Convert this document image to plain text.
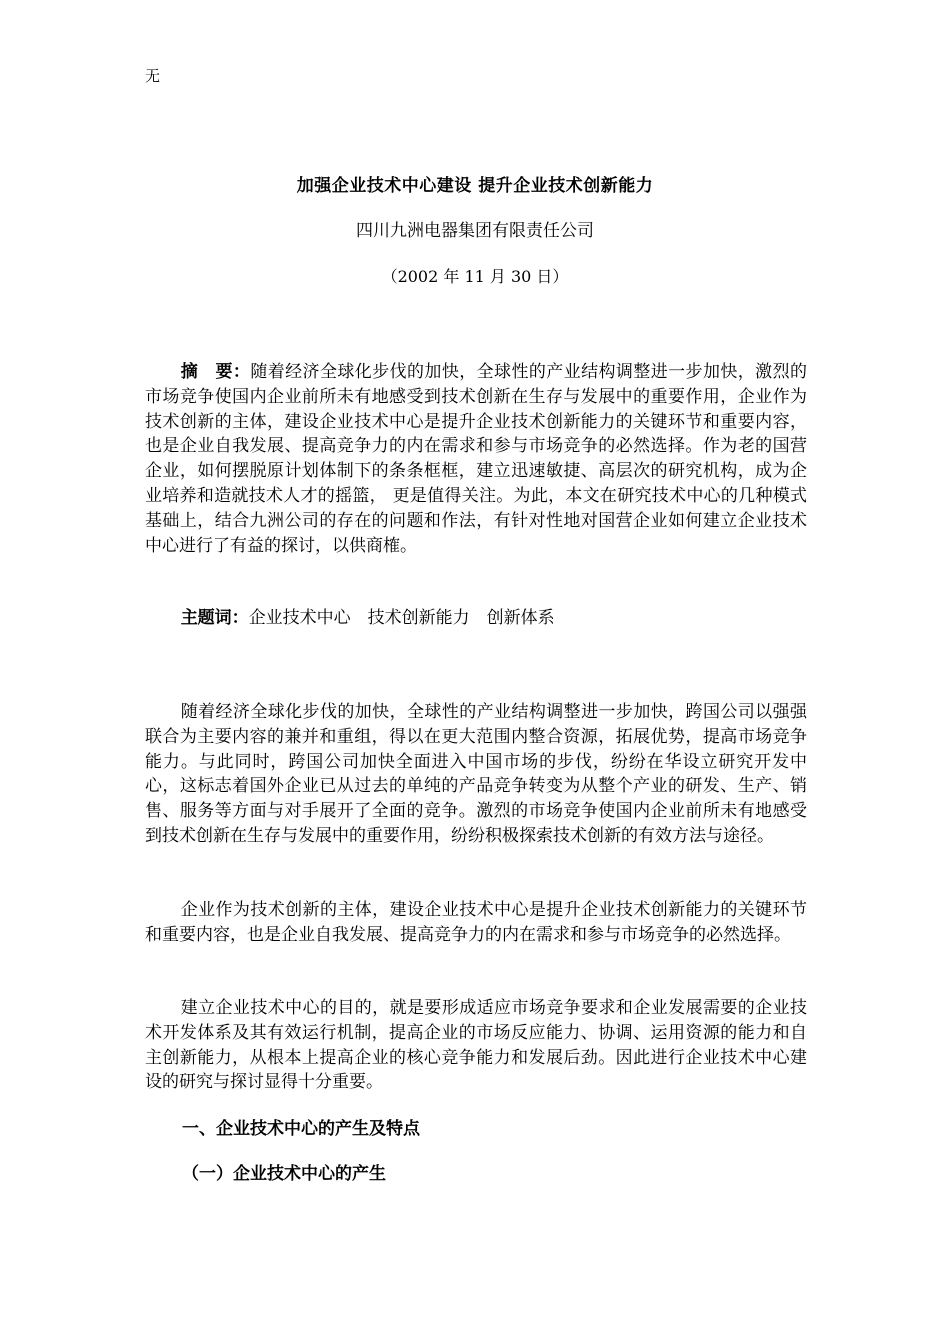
无
加强企业技术中心建设 提升企业技术创新能力
四川九洲电器集团有限责任公司
（2002 年 11 月 30 日）

摘　要：随着经济全球化步伐的加快，全球性的产业结构调整进一步加快，激烈的市场竞争使国内企业前所未有地感受到技术创新在生存与发展中的重要作用，企业作为技术创新的主体，建设企业技术中心是提升企业技术创新能力的关键环节和重要内容，也是企业自我发展、提高竞争力的内在需求和参与市场竞争的必然选择。作为老的国营企业，如何摆脱原计划体制下的条条框框，建立迅速敏捷、高层次的研究机构，成为企业培养和造就技术人才的摇篮， 更是值得关注。为此，本文在研究技术中心的几种模式基础上，结合九洲公司的存在的问题和作法，有针对性地对国营企业如何建立企业技术中心进行了有益的探讨，以供商榷。

主题词：企业技术中心　技术创新能力　创新体系

随着经济全球化步伐的加快，全球性的产业结构调整进一步加快，跨国公司以强强联合为主要内容的兼并和重组，得以在更大范围内整合资源，拓展优势，提高市场竞争能力。与此同时，跨国公司加快全面进入中国市场的步伐，纷纷在华设立研究开发中心，这标志着国外企业已从过去的单纯的产品竞争转变为从整个产业的研发、生产、销售、服务等方面与对手展开了全面的竞争。激烈的市场竞争使国内企业前所未有地感受到技术创新在生存与发展中的重要作用，纷纷积极探索技术创新的有效方法与途径。

企业作为技术创新的主体，建设企业技术中心是提升企业技术创新能力的关键环节和重要内容，也是企业自我发展、提高竞争力的内在需求和参与市场竞争的必然选择。

建立企业技术中心的目的，就是要形成适应市场竞争要求和企业发展需要的企业技术开发体系及其有效运行机制，提高企业的市场反应能力、协调、运用资源的能力和自主创新能力，从根本上提高企业的核心竞争能力和发展后劲。因此进行企业技术中心建设的研究与探讨显得十分重要。

一、企业技术中心的产生及特点
（一）企业技术中心的产生
